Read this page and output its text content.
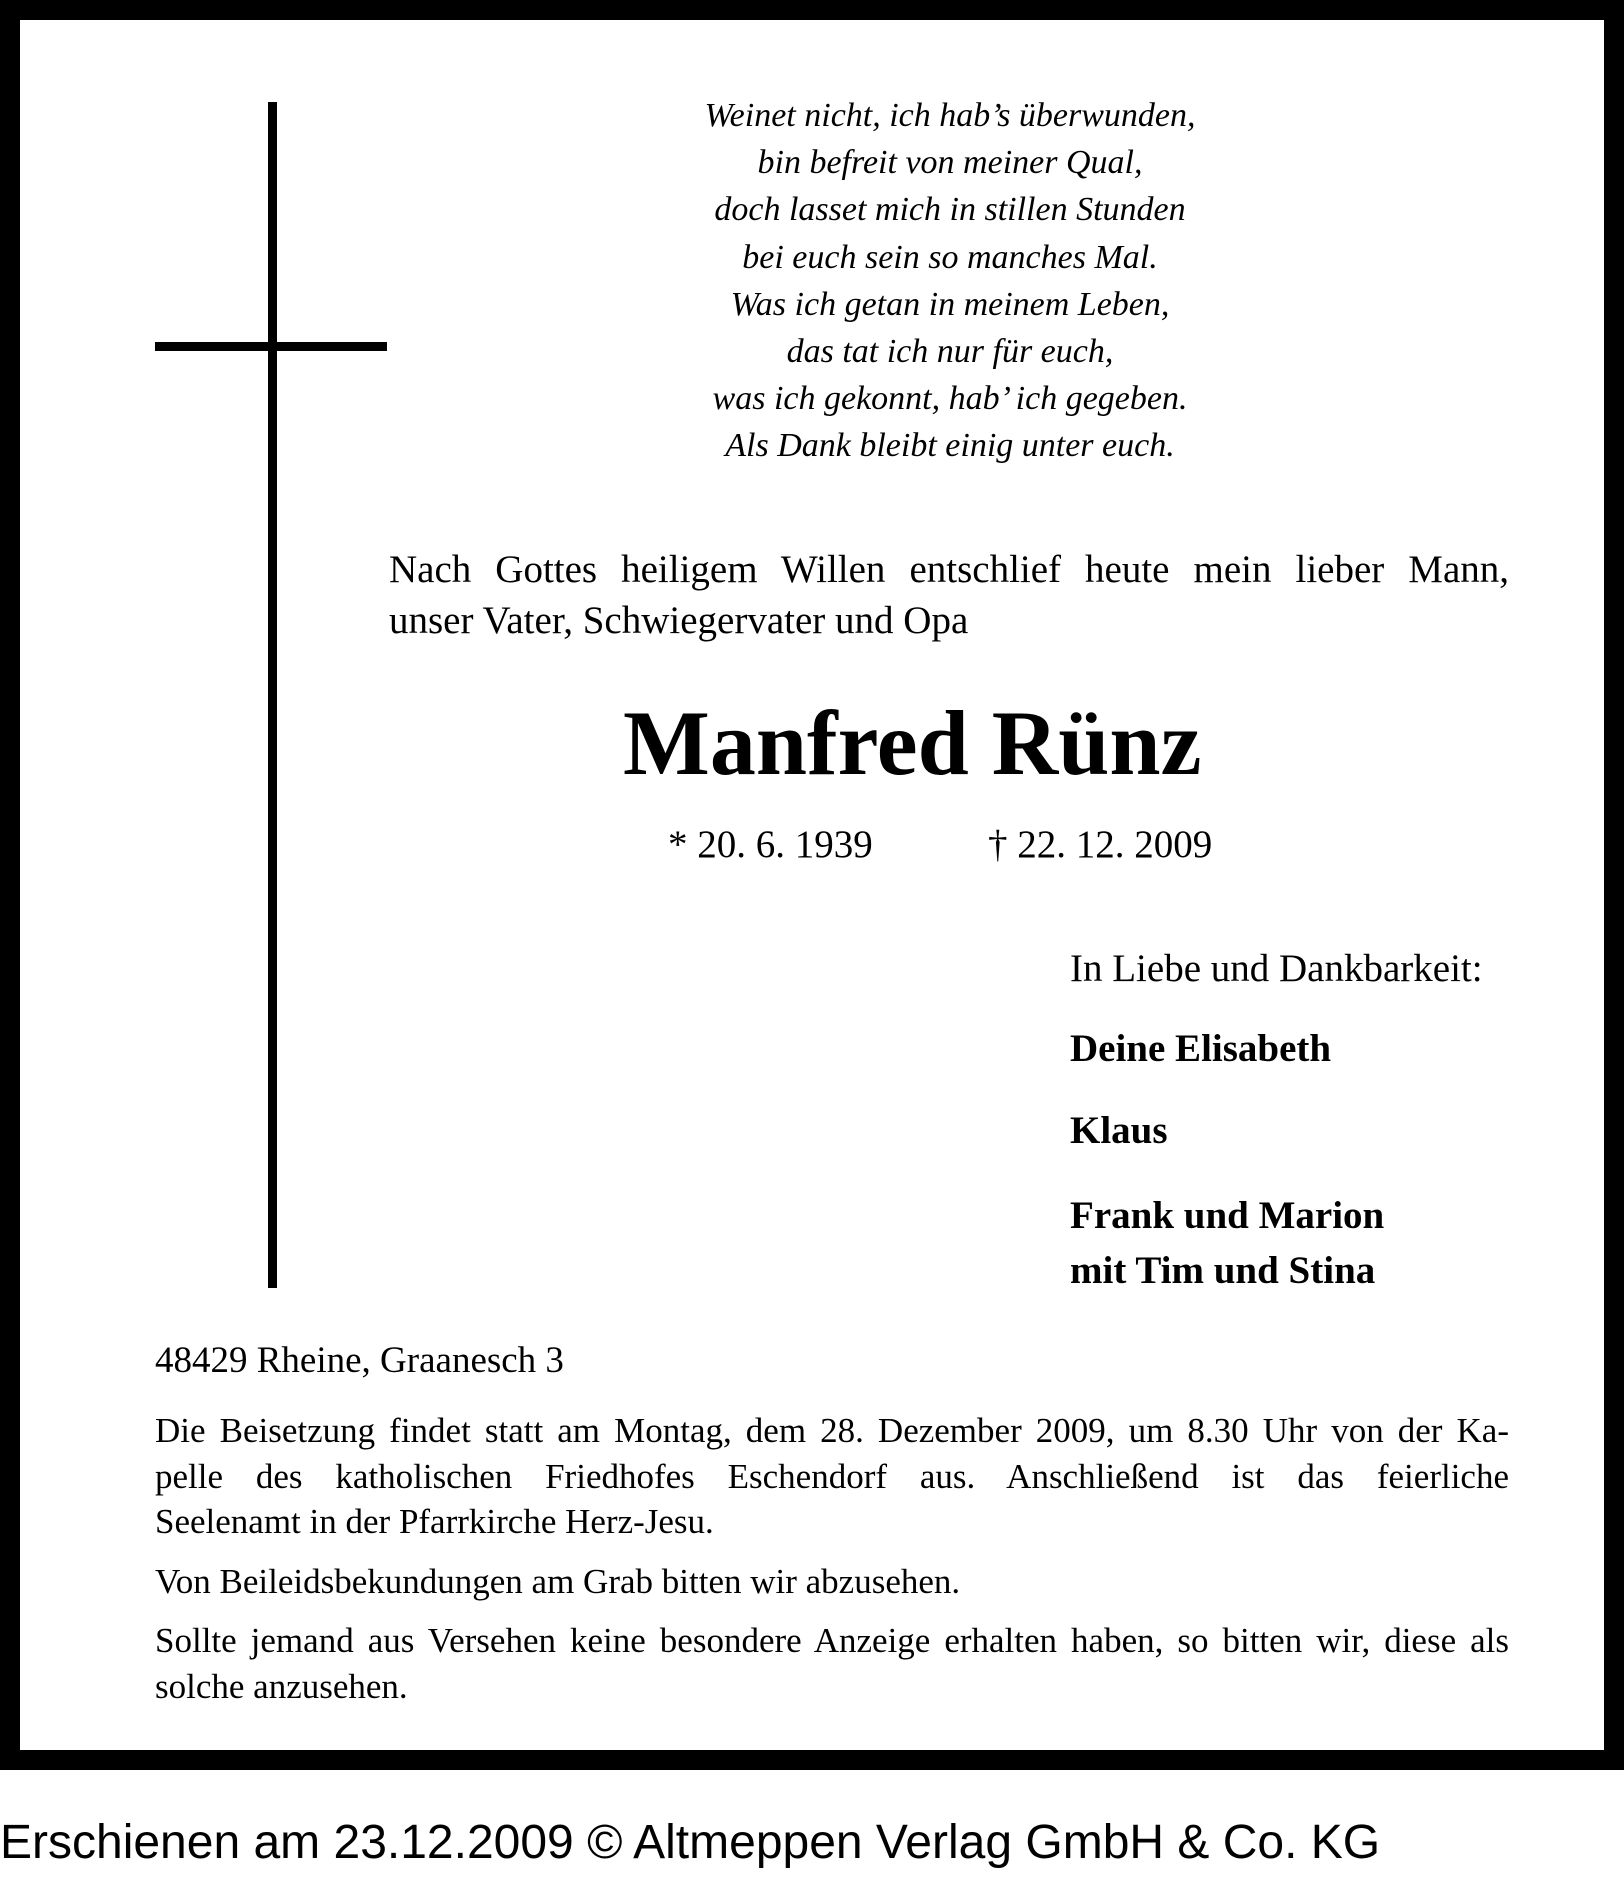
Weinet nicht, ich hab’s überwunden,
bin befreit von meiner Qual,
doch lasset mich in stillen Stunden
bei euch sein so manches Mal.
Was ich getan in meinem Leben,
das tat ich nur für euch,
was ich gekonnt, hab’ ich gegeben.
Als Dank bleibt einig unter euch.
Nach Gottes heiligem Willen entschlief heute mein lieber Mann,
unser Vater, Schwiegervater und Opa
Manfred Rünz
* 20. 6. 1939	† 22. 12. 2009
In Liebe und Dankbarkeit:
Deine Elisabeth
Klaus
Frank und Marion
mit Tim und Stina
48429 Rheine, Graanesch 3

Die Beisetzung findet statt am Montag, dem 28. Dezember 2009, um 8.30 Uhr von der Ka-
pelle des katholischen Friedhofes Eschendorf aus. Anschließend ist das feierliche
Seelenamt in der Pfarrkirche Herz-Jesu.

Von Beileidsbekundungen am Grab bitten wir abzusehen.

Sollte jemand aus Versehen keine besondere Anzeige erhalten haben, so bitten wir, diese als
solche anzusehen.

Erschienen am 23.12.2009 © Altmeppen Verlag GmbH & Co. KG
